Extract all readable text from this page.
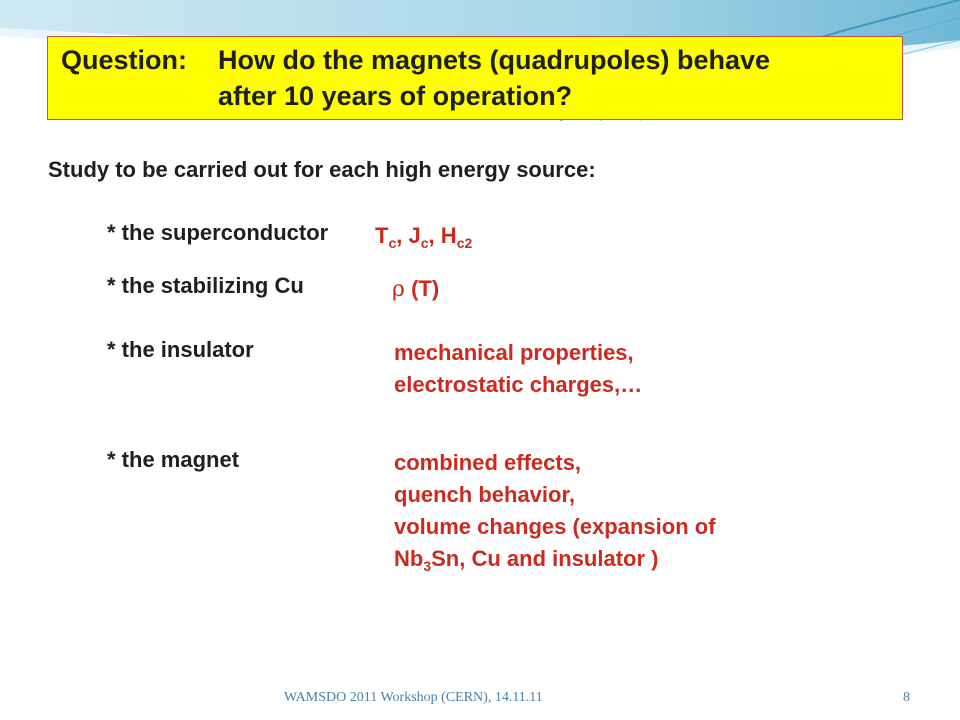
Question: How do the magnets (quadrupoles) behave
after 10 years of operation?
Study to be carried out for each high energy source:
* the superconductor $T_c$, $J_c$, $H_{c2}$
* the stabilizing Cu	ρ (T)
* the insulator	mechanical properties,
electrostatic charges,…
* the magnet	combined effects,
quench behavior,
volume changes (expansion of
$Nb_3Sn$, Cu and insulator )
WAMSDO 2011 Workshop (CERN), 14.11.11	8
